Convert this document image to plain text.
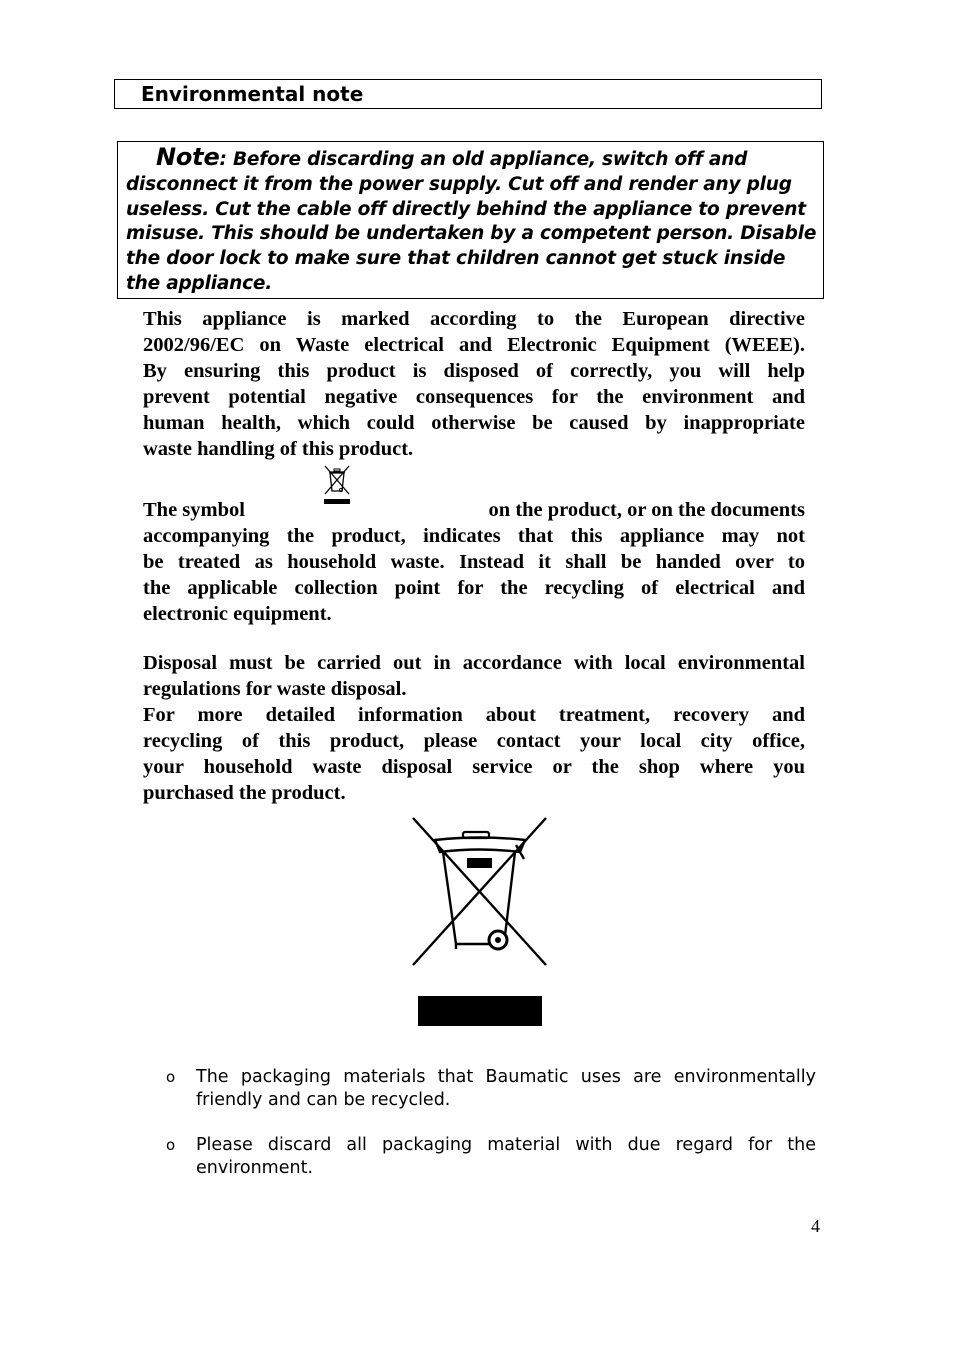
Environmental note
Note: Before discarding an old appliance, switch off and
disconnect it from the power supply. Cut off and render any plug
useless. Cut the cable off directly behind the appliance to prevent
misuse. This should be undertaken by a competent person. Disable
the door lock to make sure that children cannot get stuck inside
the appliance.
This appliance is marked according to the European directive
2002/96/EC on Waste electrical and Electronic Equipment (WEEE).
By ensuring this product is disposed of correctly, you will help
prevent potential negative consequences for the environment and
human health, which could otherwise be caused by inappropriate
waste handling of this product.
The symbol	on the product, or on the documents
accompanying the product, indicates that this appliance may not
be treated as household waste. Instead it shall be handed over to
the applicable collection point for the recycling of electrical and
electronic equipment.
Disposal must be carried out in accordance with local environmental
regulations for waste disposal.
For more detailed information about treatment, recovery and
recycling of this product, please contact your local city office,
your household waste disposal service or the shop where you
purchased the product.
o The packaging materials that Baumatic uses are environmentally
friendly and can be recycled.
o Please discard all packaging material with due regard for the
environment.
4
